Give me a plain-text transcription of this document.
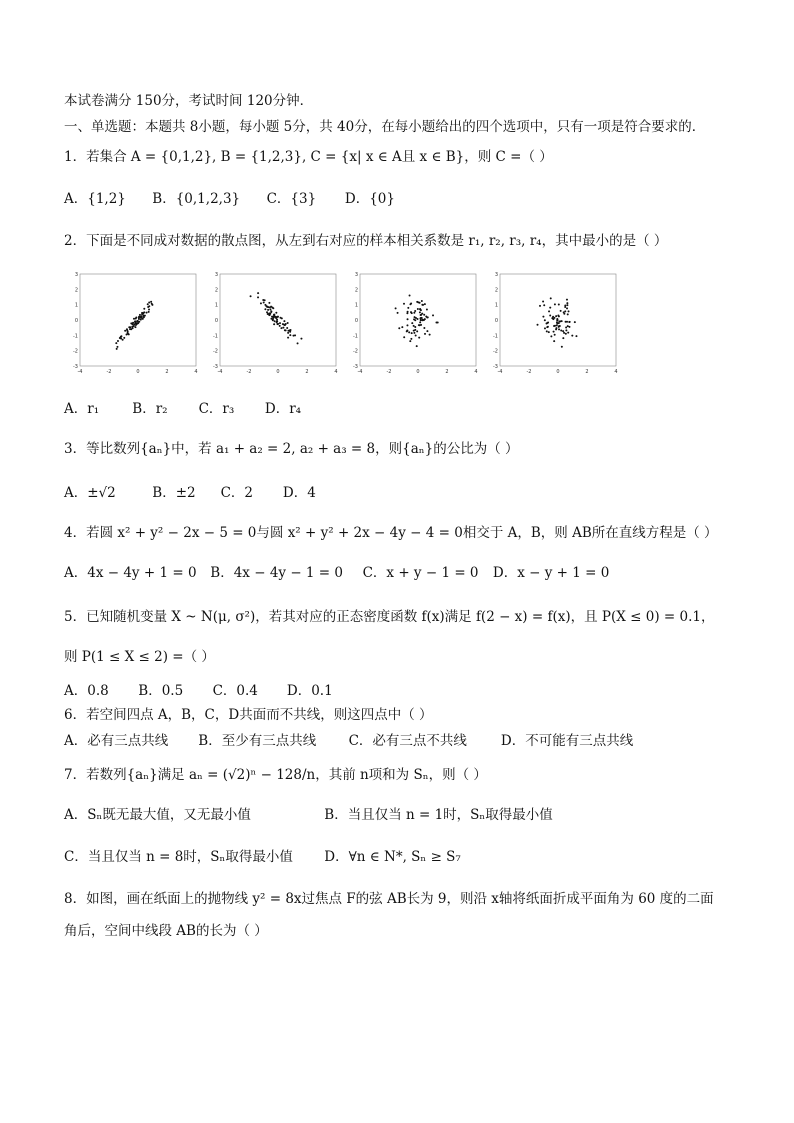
本试卷满分 150分，考试时间 120分钟．
一、单选题：本题共 8小题，每小题 5分，共 40分，在每小题给出的四个选项中，只有一项是符合要求的．
1．若集合 A = {0,1,2}, B = {1,2,3}, C = {x| x ∈ A且 x ∈ B}，则 C =（ ）
A．{1,2} B．{0,1,2,3} C．{3} D．{0}
2．下面是不同成对数据的散点图，从左到右对应的样本相关系数是 r₁, r₂, r₃, r₄，其中最小的是（ ）
3
2
1
0
-1
-2
-3
-4	-2	0	2	4
3
2
1
0
-1
-2
-3
-4	-2	0	2	4
3
2
1
0
-1
-2
-3
-4	-2	0	2	4
3
2
1
0
-1
-2
-3
-4	-2	0	2	4
A．r₁ B．r₂ C．r₃ D．r₄
3．等比数列{aₙ}中，若 a₁ + a₂ = 2, a₂ + a₃ = 8，则{aₙ}的公比为（ ）
A．±√2	B．±2 C．2 D．4
4．若圆 x² + y² − 2x − 5 = 0与圆 x² + y² + 2x − 4y − 4 = 0相交于 A，B，则 AB所在直线方程是（ ）
A．4x − 4y + 1 = 0 B．4x − 4y − 1 = 0 C．x + y − 1 = 0 D．x − y + 1 = 0
5．已知随机变量 X ~ N(μ, σ²)，若其对应的正态密度函数 f(x)满足 f(2 − x) = f(x)，且 P(X ≤ 0) = 0.1，
则 P(1 ≤ X ≤ 2) =（ ）
A．0.8 B．0.5 C．0.4 D．0.1
6．若空间四点 A，B，C，D共面而不共线，则这四点中（ ）
A．必有三点共线 B．至少有三点共线 C．必有三点不共线	D．不可能有三点共线
7．若数列{aₙ}满足 aₙ = (√2)ⁿ − 128/n，其前 n项和为 Sₙ，则（ ）
A．Sₙ既无最大值，又无最小值	B．当且仅当 n = 1时，Sₙ取得最小值
C．当且仅当 n = 8时，Sₙ取得最小值 D．∀n ∈ N*, Sₙ ≥ S₇
8．如图，画在纸面上的抛物线 y² = 8x过焦点 F的弦 AB长为 9，则沿 x轴将纸面折成平面角为 60 度的二面
角后，空间中线段 AB的长为（ ）
